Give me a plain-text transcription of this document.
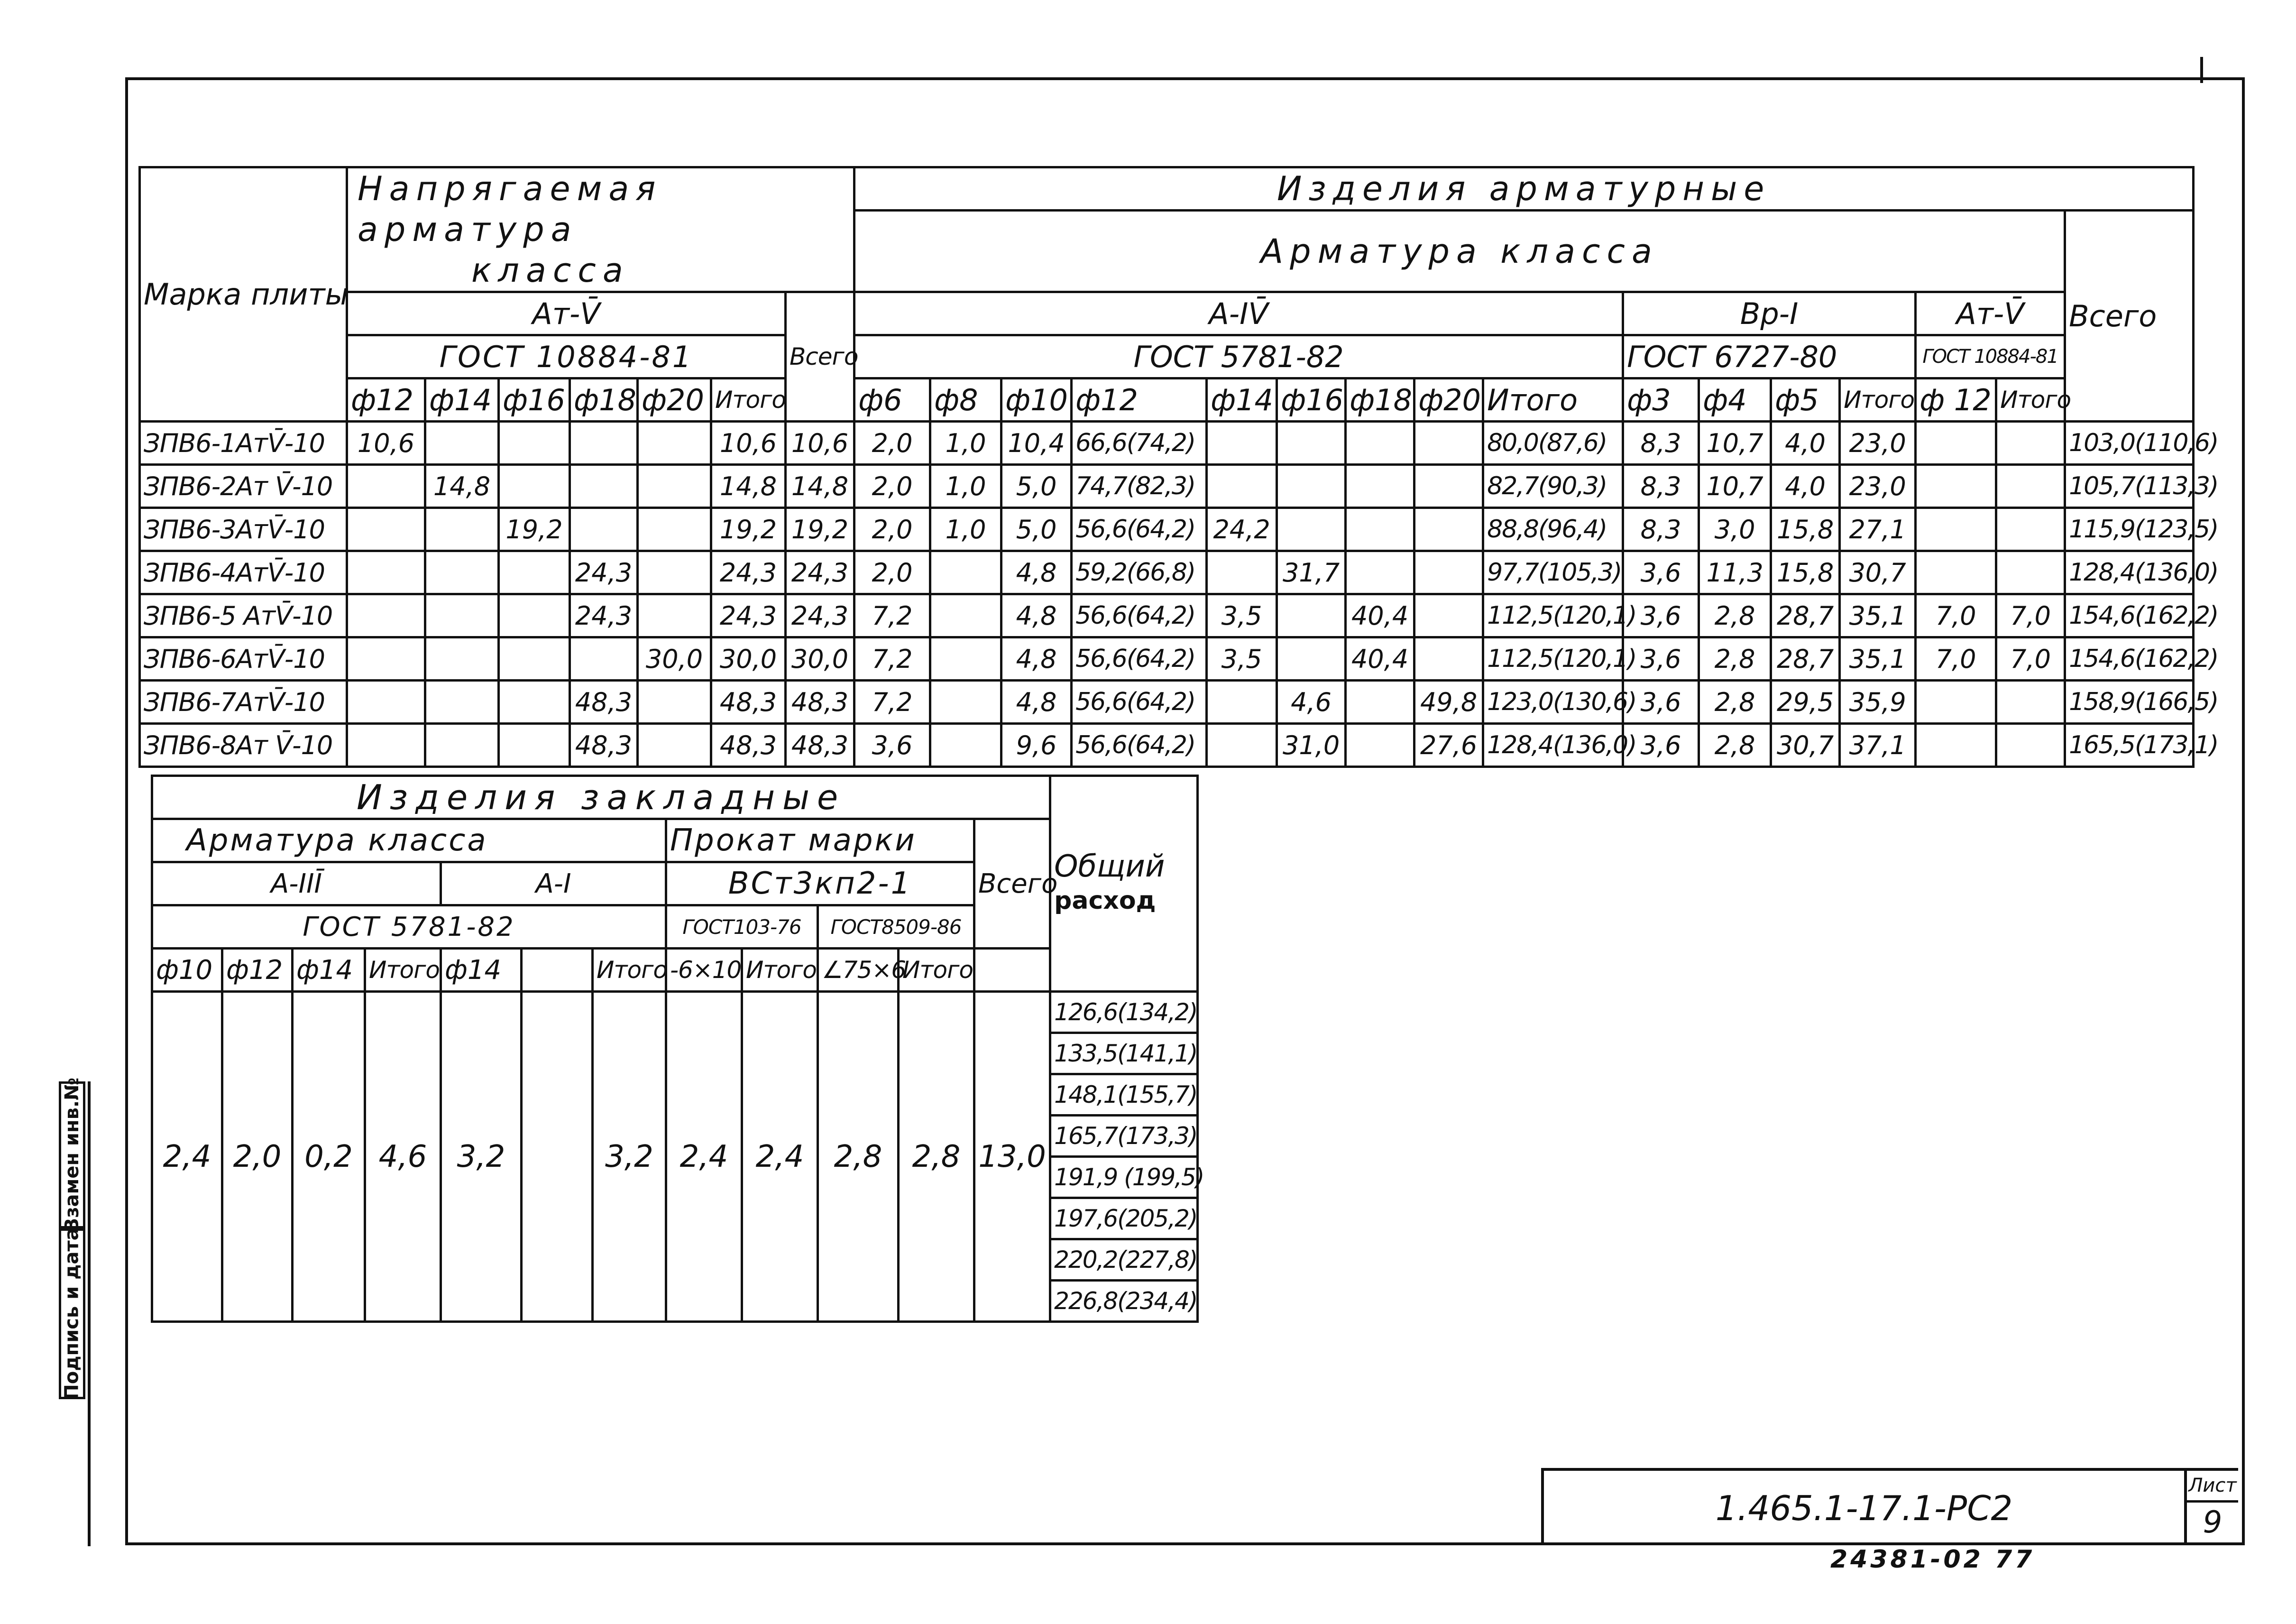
Марка плиты	Напрягаемая арматура
класса							Изделия арматурные															
								Арматура класса															Всего
	Ат-V̄						Всего	А-IV̄									Вр-I				Ат-V̄		
	ГОСТ 10884-81							ГОСТ 5781-82									ГОСТ 6727-80				ГОСТ 10884-81		
	ф12	ф14	ф16	ф18	ф20	Итого		ф6	ф8	ф10	ф12	ф14	ф16	ф18	ф20	Итого	ф3	ф4	ф5	Итого	ф 12	Итого	
ЗПВ6-1АтV̄-10	10,6					10,6	10,6	2,0	1,0	10,4	66,6(74,2)					80,0(87,6)	8,3	10,7	4,0	23,0			103,0(110,6)
ЗПВ6-2Ат V̄-10		14,8				14,8	14,8	2,0	1,0	5,0	74,7(82,3)					82,7(90,3)	8,3	10,7	4,0	23,0			105,7(113,3)
ЗПВ6-3АтV̄-10			19,2			19,2	19,2	2,0	1,0	5,0	56,6(64,2)	24,2				88,8(96,4)	8,3	3,0	15,8	27,1			115,9(123,5)
ЗПВ6-4АтV̄-10				24,3		24,3	24,3	2,0		4,8	59,2(66,8)		31,7			97,7(105,3)	3,6	11,3	15,8	30,7			128,4(136,0)
ЗПВ6-5 АтV̄-10				24,3		24,3	24,3	7,2		4,8	56,6(64,2)	3,5		40,4		112,5(120,1)	3,6	2,8	28,7	35,1	7,0	7,0	154,6(162,2)
ЗПВ6-6АтV̄-10					30,0	30,0	30,0	7,2		4,8	56,6(64,2)	3,5		40,4		112,5(120,1)	3,6	2,8	28,7	35,1	7,0	7,0	154,6(162,2)
ЗПВ6-7АтV̄-10				48,3		48,3	48,3	7,2		4,8	56,6(64,2)		4,6		49,8	123,0(130,6)	3,6	2,8	29,5	35,9			158,9(166,5)
ЗПВ6-8Ат V̄-10				48,3		48,3	48,3	3,6		9,6	56,6(64,2)		31,0		27,6	128,4(136,0)	3,6	2,8	30,7	37,1			165,5(173,1)
Изделия закладные												Общий
расход

Арматура класса							Прокат марки				Всего	
А-IIĪ				А-I			ВСт3кп2-1					
ГОСТ 5781-82							ГОСТ103-76		ГОСТ8509-86			
ф10	ф12	ф14	Итого	ф14		Итого	-6×10	Итого	∠75×6	Итого		
2,4	2,0	0,2	4,6	3,2		3,2	2,4	2,4	2,8	2,8	13,0	126,6(134,2)
												133,5(141,1)
												148,1(155,7)
												165,7(173,3)
												191,9 (199,5)
												197,6(205,2)
												220,2(227,8)
												226,8(234,4)
Взамен инв.№
Подпись и дата
1.465.1-17.1-РС2
Лист
9
24381-02 77
